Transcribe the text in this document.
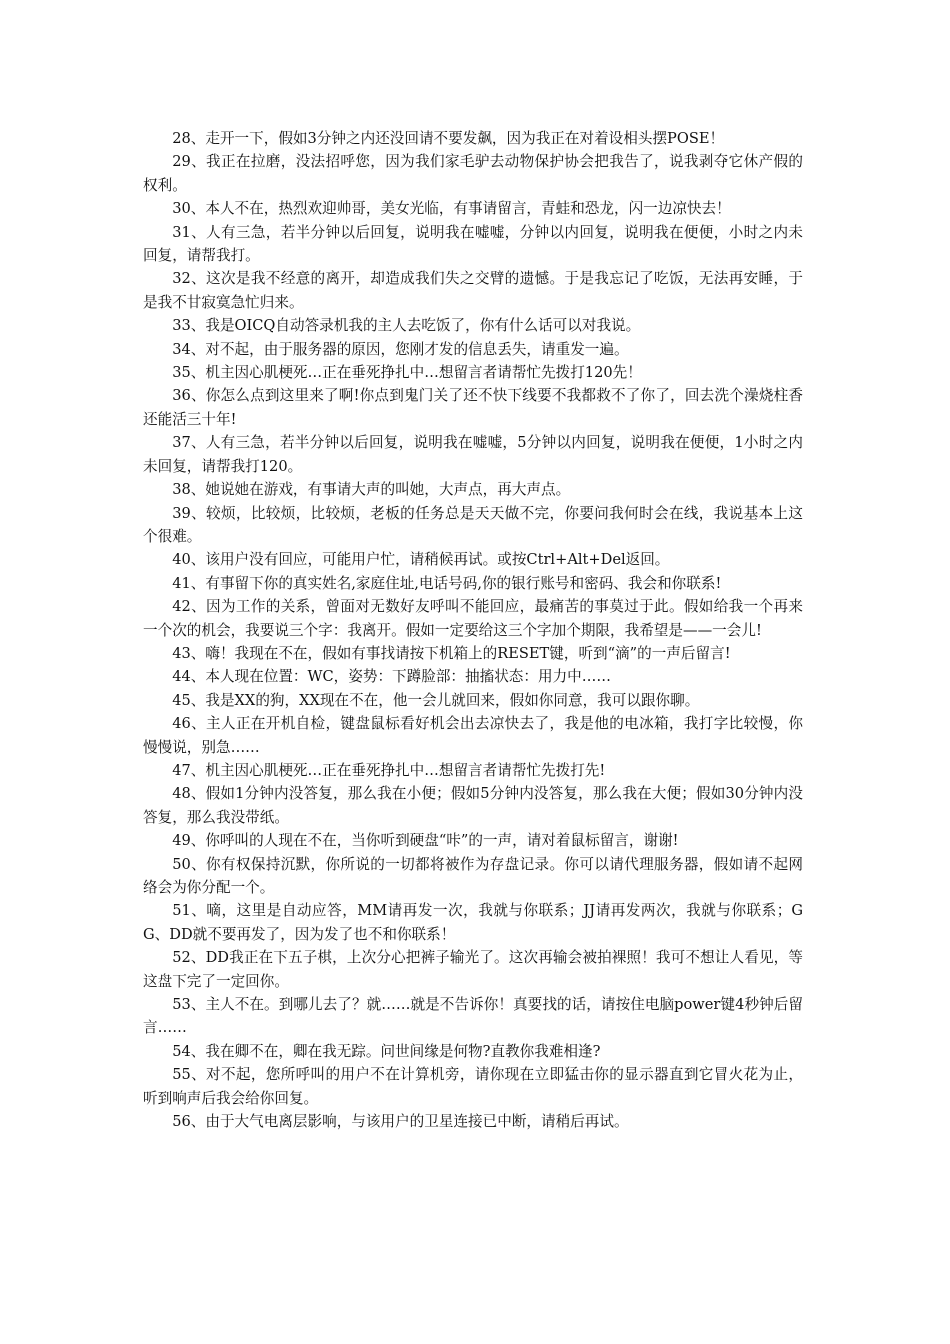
28、走开一下，假如3分钟之内还没回请不要发飙，因为我正在对着设相头摆POSE！

29、我正在拉磨，没法招呼您，因为我们家毛驴去动物保护协会把我告了，说我剥夺它休产假的权利。

30、本人不在，热烈欢迎帅哥，美女光临，有事请留言，青蛙和恐龙，闪一边凉快去！

31、人有三急，若半分钟以后回复，说明我在嘘嘘，分钟以内回复，说明我在便便，小时之内未回复，请帮我打。

32、这次是我不经意的离开，却造成我们失之交臂的遗憾。于是我忘记了吃饭，无法再安睡，于是我不甘寂寞急忙归来。

33、我是OICQ自动答录机我的主人去吃饭了，你有什么话可以对我说。

34、对不起，由于服务器的原因，您刚才发的信息丢失，请重发一遍。

35、机主因心肌梗死…正在垂死挣扎中…想留言者请帮忙先拨打120先！

36、你怎么点到这里来了啊!你点到鬼门关了还不快下线要不我都救不了你了，回去洗个澡烧柱香还能活三十年!

37、人有三急，若半分钟以后回复，说明我在嘘嘘，5分钟以内回复，说明我在便便，1小时之内未回复，请帮我打120。

38、她说她在游戏，有事请大声的叫她，大声点，再大声点。

39、较烦，比较烦，比较烦，老板的任务总是天天做不完，你要问我何时会在线，我说基本上这个很难。

40、该用户没有回应，可能用户忙，请稍候再试。或按Ctrl+Alt+Del返回。

41、有事留下你的真实姓名,家庭住址,电话号码,你的银行账号和密码、我会和你联系!

42、因为工作的关系，曾面对无数好友呼叫不能回应，最痛苦的事莫过于此。假如给我一个再来一个次的机会，我要说三个字：我离开。假如一定要给这三个字加个期限，我希望是——一会儿!

43、嗨！我现在不在，假如有事找请按下机箱上的RESET键，听到“滴”的一声后留言!

44、本人现在位置：WC，姿势：下蹲脸部：抽搐状态：用力中……

45、我是XX的狗，XX现在不在，他一会儿就回来，假如你同意，我可以跟你聊。

46、主人正在开机自检，键盘鼠标看好机会出去凉快去了，我是他的电冰箱，我打字比较慢，你慢慢说，别急……

47、机主因心肌梗死…正在垂死挣扎中…想留言者请帮忙先拨打先!

48、假如1分钟内没答复，那么我在小便；假如5分钟内没答复，那么我在大便；假如30分钟内没答复，那么我没带纸。

49、你呼叫的人现在不在，当你听到硬盘“咔”的一声，请对着鼠标留言，谢谢!

50、你有权保持沉默，你所说的一切都将被作为存盘记录。你可以请代理服务器，假如请不起网络会为你分配一个。

51、嘀，这里是自动应答，MM请再发一次，我就与你联系；JJ请再发两次，我就与你联系；GG、DD就不要再发了，因为发了也不和你联系！

52、DD我正在下五子棋，上次分心把裤子输光了。这次再输会被拍裸照！我可不想让人看见，等这盘下完了一定回你。

53、主人不在。到哪儿去了？就……就是不告诉你！真要找的话，请按住电脑power键4秒钟后留言……

54、我在卿不在，卿在我无踪。问世间缘是何物?直教你我难相逢?

55、对不起，您所呼叫的用户不在计算机旁，请你现在立即猛击你的显示器直到它冒火花为止，听到响声后我会给你回复。

56、由于大气电离层影响，与该用户的卫星连接已中断，请稍后再试。
